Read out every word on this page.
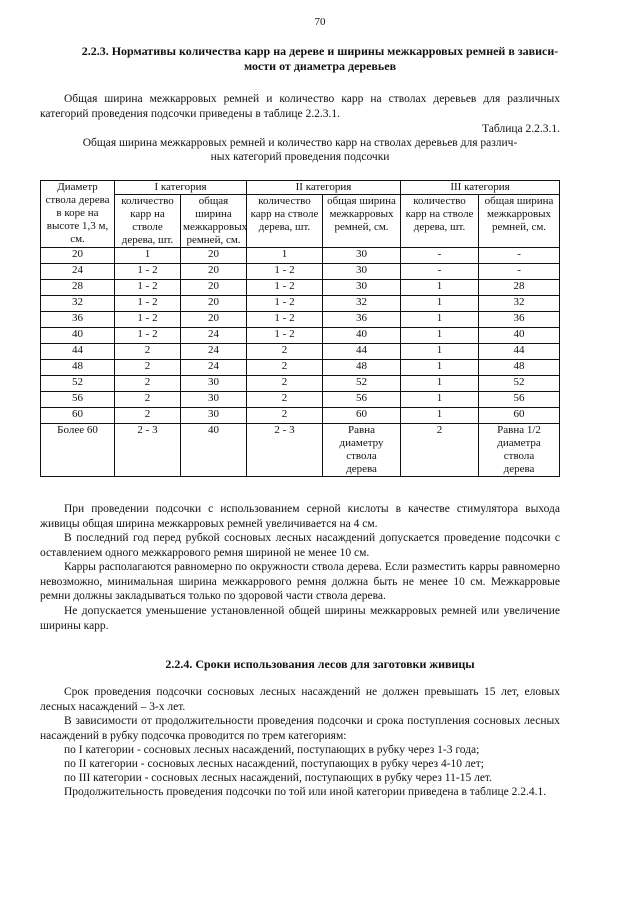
70
2.2.3. Нормативы количества карр на дереве и ширины межкарровых ремней в зависи-
мости от диаметра деревьев
Общая ширина межкарровых ремней и количество карр на стволах деревьев для различных категорий проведения подсочки приведены в таблице 2.2.3.1.
Таблица 2.2.3.1.
Общая ширина межкарровых ремней и количество карр на стволах деревьев для различ-
ных категорий проведения подсочки
Диаметр ствола дерева в коре на высоте 1,3 м, см.	I категория		II категория		III категория	
	количество карр на стволе дерева, шт.	общая ширина межкарровых ремней, см.	количество карр на стволе дерева, шт.	общая ширина межкарровых ремней, см.	количество карр на стволе дерева, шт.	общая ширина межкарровых ремней, см.
20	1	20	1	30	-	-
24	1 - 2	20	1 - 2	30	-	-
28	1 - 2	20	1 - 2	30	1	28
32	1 - 2	20	1 - 2	32	1	32
36	1 - 2	20	1 - 2	36	1	36
40	1 - 2	24	1 - 2	40	1	40
44	2	24	2	44	1	44
48	2	24	2	48	1	48
52	2	30	2	52	1	52
56	2	30	2	56	1	56
60	2	30	2	60	1	60
Более 60	2 - 3	40	2 - 3	Равна диаметру ствола дерева	2	Равна 1/2 диаметра ствола дерева
При проведении подсочки с использованием серной кислоты в качестве стимулятора выхода живицы общая ширина межкарровых ремней увеличивается на 4 см.
В последний год перед рубкой сосновых лесных насаждений допускается проведение подсочки с оставлением одного межкаррового ремня шириной не менее 10 см.
Карры располагаются равномерно по окружности ствола дерева. Если разместить карры равномерно невозможно, минимальная ширина межкаррового ремня должна быть не менее 10 см. Межкарровые ремни должны закладываться только по здоровой части ствола дерева.
Не допускается уменьшение установленной общей ширины межкарровых ремней или увеличение ширины карр.
2.2.4. Сроки использования лесов для заготовки живицы
Срок проведения подсочки сосновых лесных насаждений не должен превышать 15 лет, еловых лесных насаждений – 3-х лет.
В зависимости от продолжительности проведения подсочки и срока поступления сосновых лесных насаждений в рубку подсочка проводится по трем категориям:
по I категории - сосновых лесных насаждений, поступающих в рубку через 1-3 года;
по II категории - сосновых лесных насаждений, поступающих в рубку через 4-10 лет;
по III категории - сосновых лесных насаждений, поступающих в рубку через 11-15 лет.
Продолжительность проведения подсочки по той или иной категории приведена в таблице 2.2.4.1.
